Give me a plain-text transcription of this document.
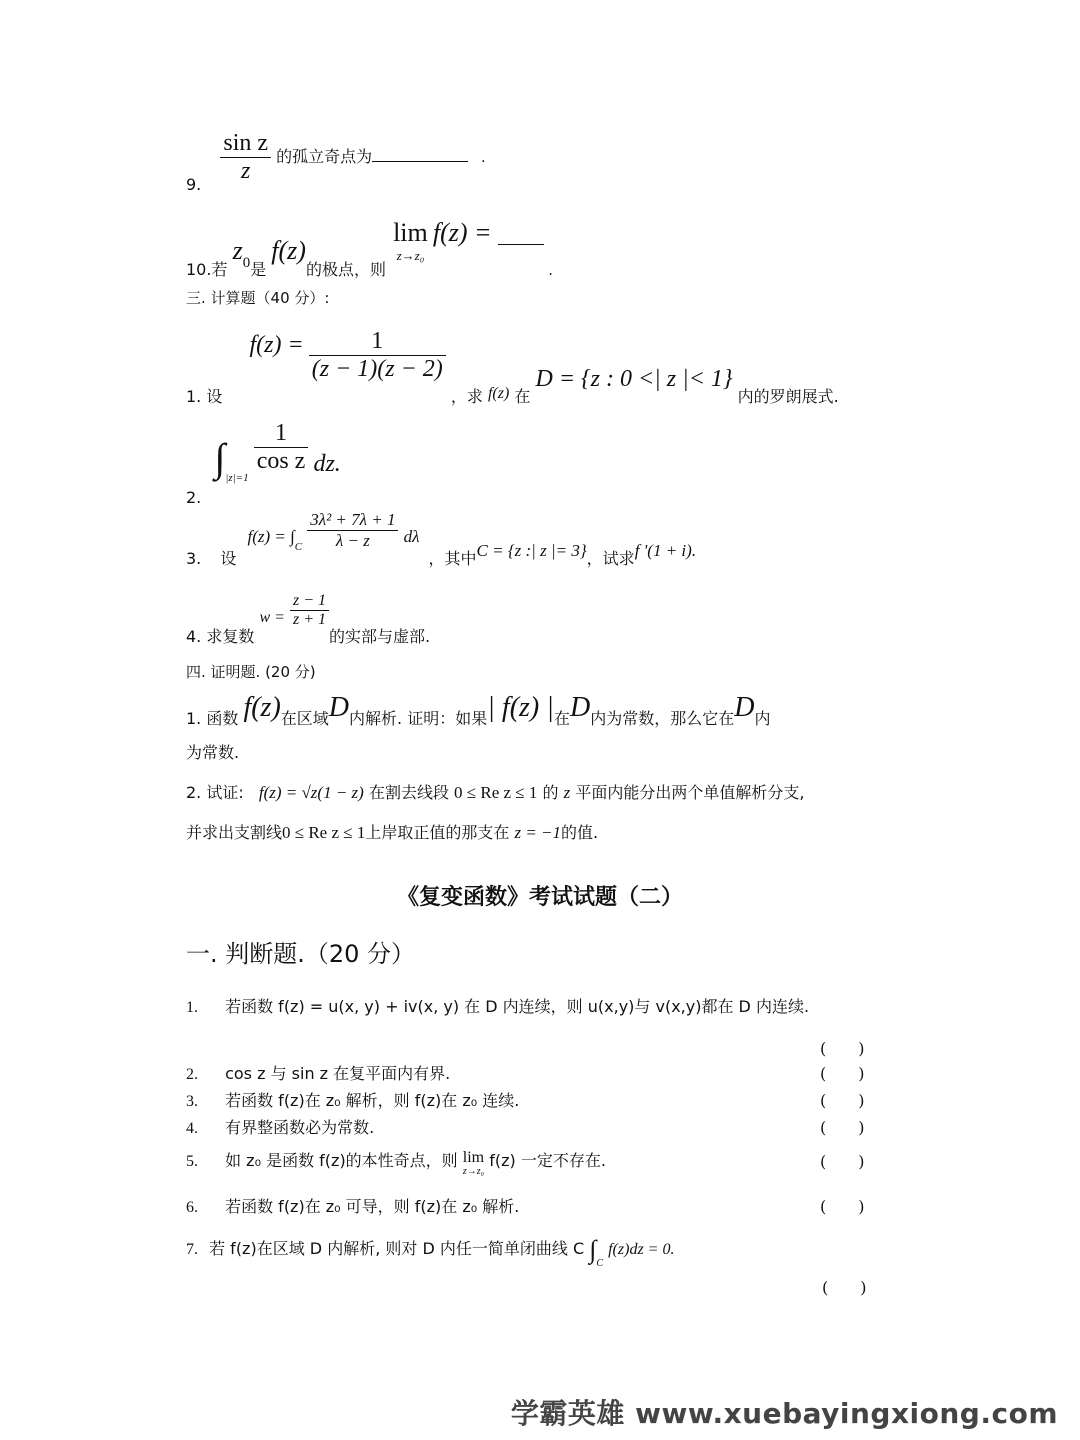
9. $\frac{\text{sin z}}{z}$ 的孤立奇点为	.
10.若 z0是 f(z)的极点，则
lim
z→z₀
f(z) = .
三. 计算题（40 分）:
1. 设 $f(z) = \frac{1}{(z - 1)(z - 2)}$
，求 f(z) 在 D = {z : 0 <| z |< 1} 内的罗朗展式.
2. $\int_{|z|=1}$
$\frac{1}{\text{cos z}}$ dz.
3. 设 $f(z) = \int_C \frac{\text{3λ² + 7λ + 1}}{\lambda - z}$ dλ ，其中C = {z :| z |= 3}，试求f '(1 + i).
4. 求复数 $w = \frac{z - 1}{z + 1}$
的实部与虚部.
四. 证明题. (20 分)
1. 函数 f(z)在区域D内解析. 证明：如果| f(z) |在D内为常数，那么它在D内
为常数.
2. 试证: f(z) = √z(1 − z) 在割去线段 0 ≤ Re z ≤ 1 的 z 平面内能分出两个单值解析分支,
并求出支割线0 ≤ Re z ≤ 1上岸取正值的那支在 z = −1的值.
《复变函数》考试试题（二）
一. 判断题.（20 分）
1. 若函数 f(z) = u(x, y) + iv(x, y) 在 D 内连续，则 u(x,y)与 v(x,y)都在 D 内连续.
(　　)
2. cos z 与 sin z 在复平面内有界.	(　　)
3. 若函数 f(z)在 z₀ 解析，则 f(z)在 z₀ 连续.	(　　)
4. 有界整函数必为常数.	(　　)
5. 如 z₀ 是函数 f(z)的本性奇点，则 lim
z→z₀
f(z) 一定不存在.	(　　)
6. 若函数 f(z)在 z₀ 可导，则 f(z)在 z₀ 解析.	(　　)
7. 若 f(z)在区域 D 内解析, 则对 D 内任一简单闭曲线 C $\int_C$ f(z)dz = 0.
(　　)
学霸英雄 www.xuebayingxiong.com
